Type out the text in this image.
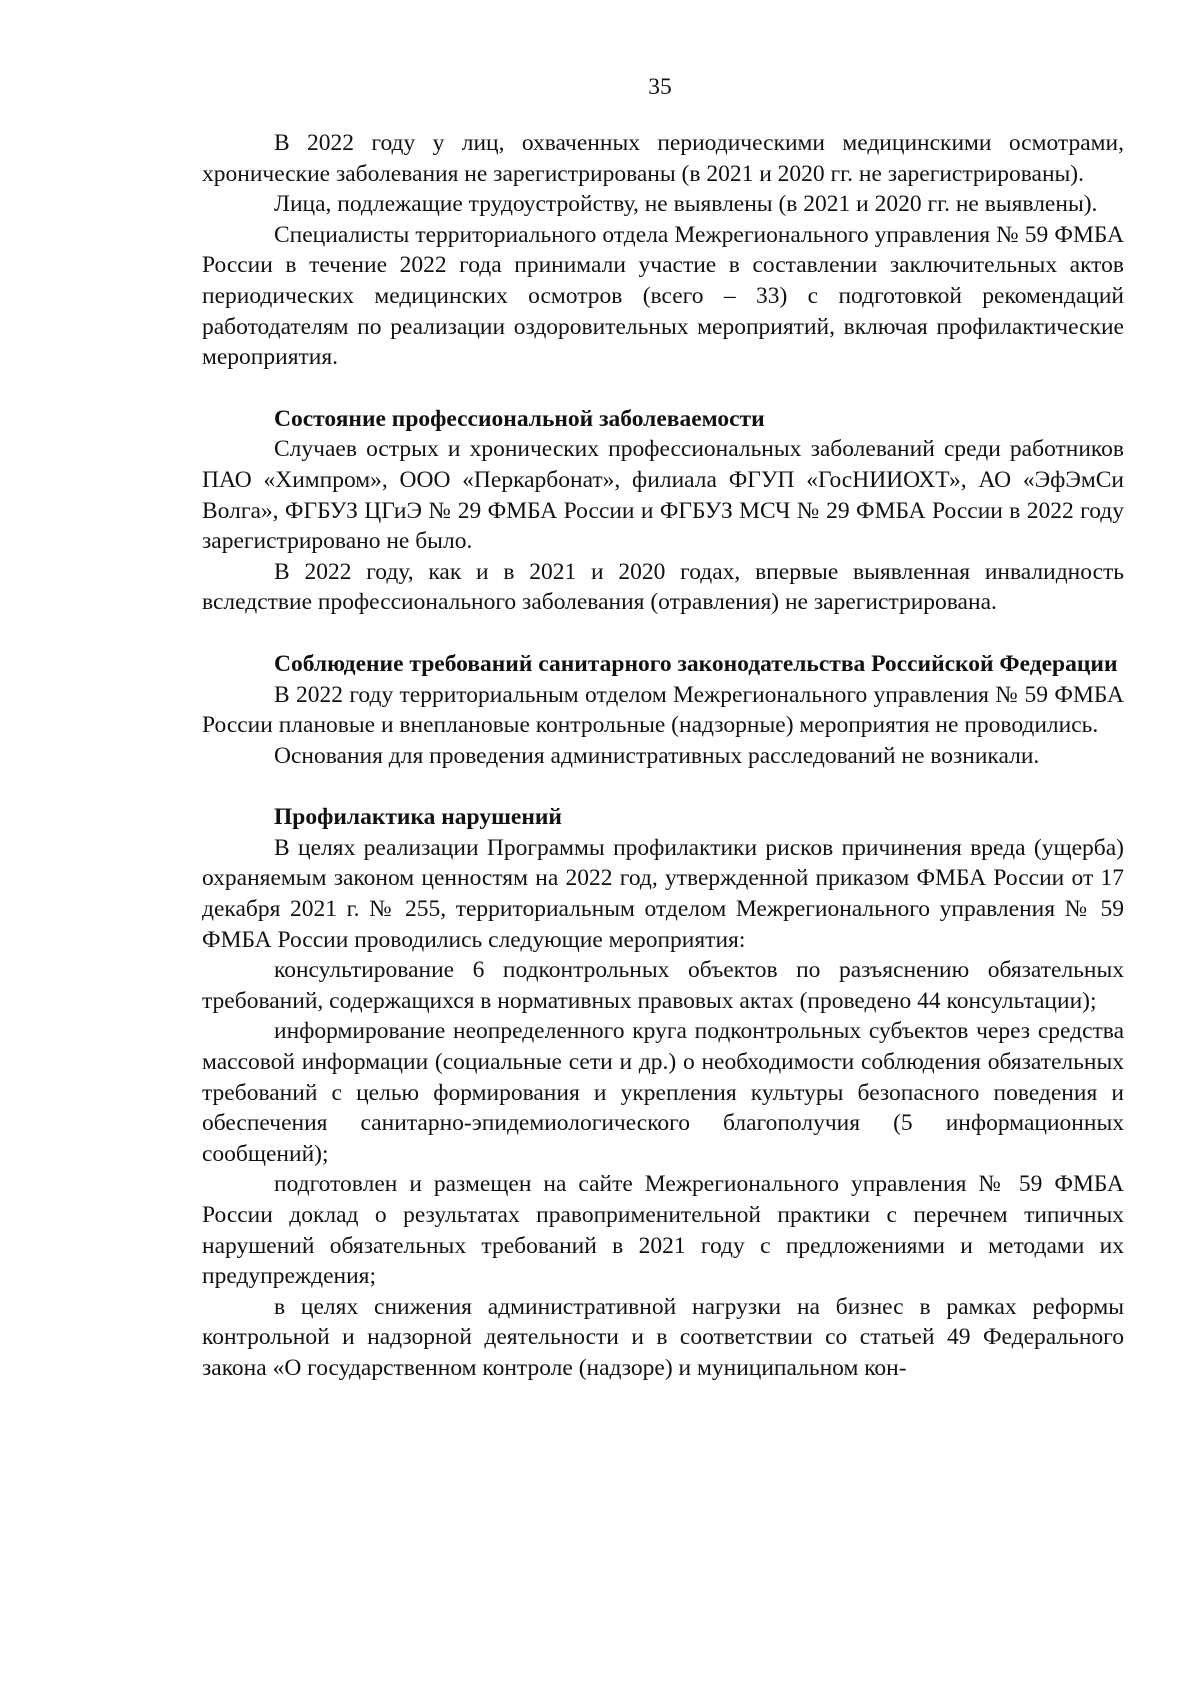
35

В 2022 году у лиц, охваченных периодическими медицинскими осмотрами, хронические заболевания не зарегистрированы (в 2021 и 2020 гг. не зарегистрированы).

Лица, подлежащие трудоустройству, не выявлены (в 2021 и 2020 гг. не выявлены).

Специалисты территориального отдела Межрегионального управления № 59 ФМБА России в течение 2022 года принимали участие в составлении заключительных актов периодических медицинских осмотров (всего – 33) с подготовкой рекомендаций работодателям по реализации оздоровительных мероприятий, включая профилактические мероприятия.

Состояние профессиональной заболеваемости

Случаев острых и хронических профессиональных заболеваний среди работников ПАО «Химпром», ООО «Перкарбонат», филиала ФГУП «ГосНИИОХТ», АО «ЭфЭмСи Волга», ФГБУЗ ЦГиЭ № 29 ФМБА России и ФГБУЗ МСЧ № 29 ФМБА России в 2022 году зарегистрировано не было.

В 2022 году, как и в 2021 и 2020 годах, впервые выявленная инвалидность вследствие профессионального заболевания (отравления) не зарегистрирована.

Соблюдение требований санитарного законодательства Российской Федерации

В 2022 году территориальным отделом Межрегионального управления № 59 ФМБА России плановые и внеплановые контрольные (надзорные) мероприятия не проводились.

Основания для проведения административных расследований не возникали.

Профилактика нарушений

В целях реализации Программы профилактики рисков причинения вреда (ущерба) охраняемым законом ценностям на 2022 год, утвержденной приказом ФМБА России от 17 декабря 2021 г. № 255, территориальным отделом Межрегионального управления № 59 ФМБА России проводились следующие мероприятия:

консультирование 6 подконтрольных объектов по разъяснению обязательных требований, содержащихся в нормативных правовых актах (проведено 44 консультации);

информирование неопределенного круга подконтрольных субъектов через средства массовой информации (социальные сети и др.) о необходимости соблюдения обязательных требований с целью формирования и укрепления культуры безопасного поведения и обеспечения санитарно-эпидемиологического благополучия (5 информационных сообщений);

подготовлен и размещен на сайте Межрегионального управления № 59 ФМБА России доклад о результатах правоприменительной практики с перечнем типичных нарушений обязательных требований в 2021 году с предложениями и методами их предупреждения;

в целях снижения административной нагрузки на бизнес в рамках реформы контрольной и надзорной деятельности и в соответствии со статьей 49 Федерального закона «О государственном контроле (надзоре) и муниципальном кон-
